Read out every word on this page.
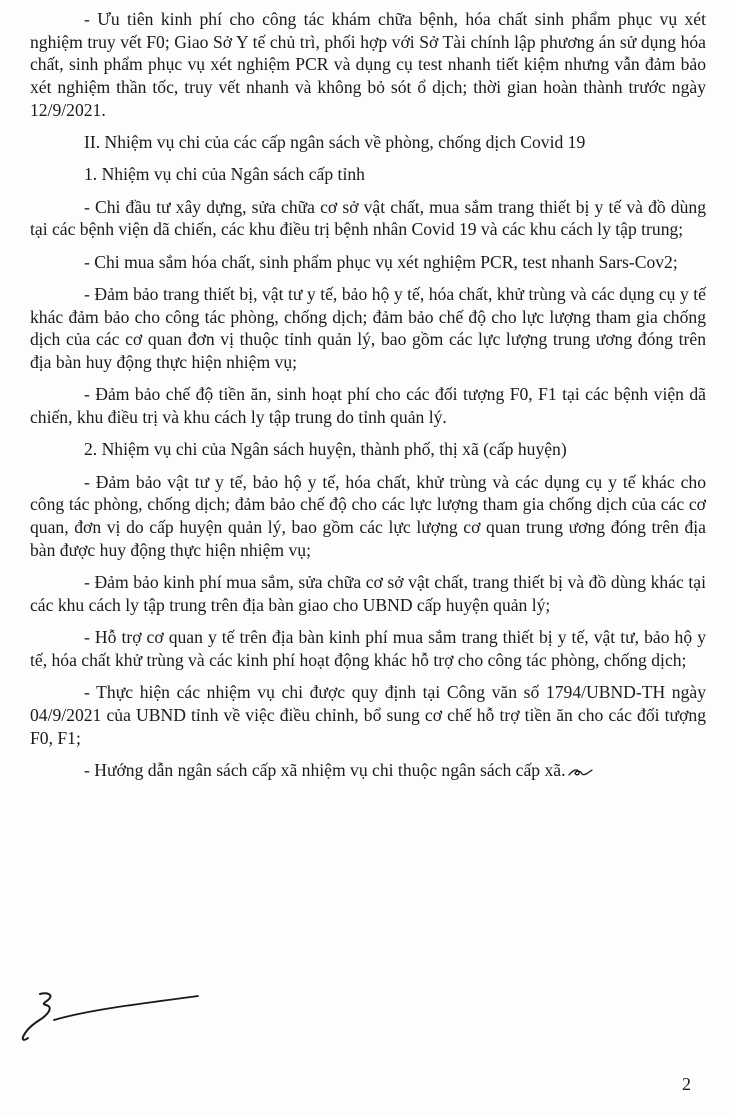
- Ưu tiên kinh phí cho công tác khám chữa bệnh, hóa chất sinh phẩm phục vụ xét nghiệm truy vết F0; Giao Sở Y tế chủ trì, phối hợp với Sở Tài chính lập phương án sử dụng hóa chất, sinh phẩm phục vụ xét nghiệm PCR và dụng cụ test nhanh tiết kiệm nhưng vẫn đảm bảo xét nghiệm thần tốc, truy vết nhanh và không bỏ sót ổ dịch; thời gian hoàn thành trước ngày 12/9/2021.

II. Nhiệm vụ chi của các cấp ngân sách về phòng, chống dịch Covid 19

1. Nhiệm vụ chi của Ngân sách cấp tỉnh

- Chi đầu tư xây dựng, sửa chữa cơ sở vật chất, mua sắm trang thiết bị y tế và đồ dùng tại các bệnh viện dã chiến, các khu điều trị bệnh nhân Covid 19 và các khu cách ly tập trung;

- Chi mua sắm hóa chất, sinh phẩm phục vụ xét nghiệm PCR, test nhanh Sars-Cov2;

- Đảm bảo trang thiết bị, vật tư y tế, bảo hộ y tế, hóa chất, khử trùng và các dụng cụ y tế khác đảm bảo cho công tác phòng, chống dịch; đảm bảo chế độ cho lực lượng tham gia chống dịch của các cơ quan đơn vị thuộc tỉnh quản lý, bao gồm các lực lượng trung ương đóng trên địa bàn huy động thực hiện nhiệm vụ;

- Đảm bảo chế độ tiền ăn, sinh hoạt phí cho các đối tượng F0, F1 tại các bệnh viện dã chiến, khu điều trị và khu cách ly tập trung do tỉnh quản lý.

2. Nhiệm vụ chi của Ngân sách huyện, thành phố, thị xã (cấp huyện)

- Đảm bảo vật tư y tế, bảo hộ y tế, hóa chất, khử trùng và các dụng cụ y tế khác cho công tác phòng, chống dịch; đảm bảo chế độ cho các lực lượng tham gia chống dịch của các cơ quan, đơn vị do cấp huyện quản lý, bao gồm các lực lượng cơ quan trung ương đóng trên địa bàn được huy động thực hiện nhiệm vụ;

- Đảm bảo kinh phí mua sắm, sửa chữa cơ sở vật chất, trang thiết bị và đồ dùng khác tại các khu cách ly tập trung trên địa bàn giao cho UBND cấp huyện quản lý;

- Hỗ trợ cơ quan y tế trên địa bàn kinh phí mua sắm trang thiết bị y tế, vật tư, bảo hộ y tế, hóa chất khử trùng và các kinh phí hoạt động khác hỗ trợ cho công tác phòng, chống dịch;

- Thực hiện các nhiệm vụ chi được quy định tại Công văn số 1794/UBND-TH ngày 04/9/2021 của UBND tỉnh về việc điều chỉnh, bổ sung cơ chế hỗ trợ tiền ăn cho các đối tượng F0, F1;

- Hướng dẫn ngân sách cấp xã nhiệm vụ chi thuộc ngân sách cấp xã.

2
